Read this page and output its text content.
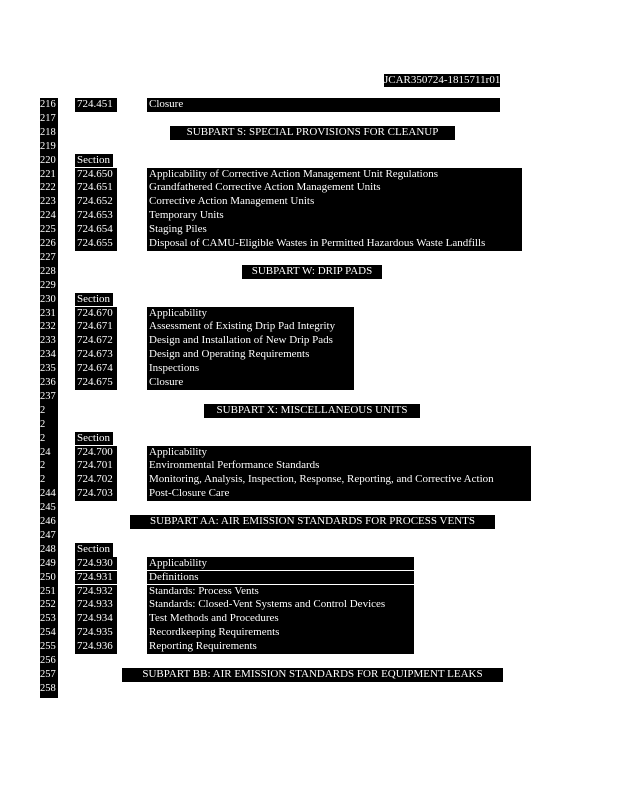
JCAR350724-1815711r01
216 724.451	Closure
217
218	SUBPART S: SPECIAL PROVISIONS FOR CLEANUP
219
220 Section
221 724.650	Applicability of Corrective Action Management Unit Regulations
222 724.651	Grandfathered Corrective Action Management Units
223 724.652	Corrective Action Management Units
224 724.653	Temporary Units
225 724.654	Staging Piles
226 724.655	Disposal of CAMU-Eligible Wastes in Permitted Hazardous Waste Landfills
227
228	SUBPART W: DRIP PADS
229
230 Section
231 724.670	Applicability
232 724.671	Assessment of Existing Drip Pad Integrity
233 724.672	Design and Installation of New Drip Pads
234 724.673	Design and Operating Requirements
235 724.674	Inspections
236 724.675	Closure
237
2	SUBPART X: MISCELLANEOUS UNITS
2
2	Section
24	724.700	Applicability
2	724.701	Environmental Performance Standards
2	724.702	Monitoring, Analysis, Inspection, Response, Reporting, and Corrective Action
244 724.703	Post-Closure Care
245
246	SUBPART AA: AIR EMISSION STANDARDS FOR PROCESS VENTS
247
248 Section
249 724.930	Applicability
250 724.931	Definitions
251 724.932	Standards: Process Vents
252 724.933	Standards: Closed-Vent Systems and Control Devices
253 724.934	Test Methods and Procedures
254 724.935	Recordkeeping Requirements
255 724.936	Reporting Requirements
256
257	SUBPART BB: AIR EMISSION STANDARDS FOR EQUIPMENT LEAKS
258
